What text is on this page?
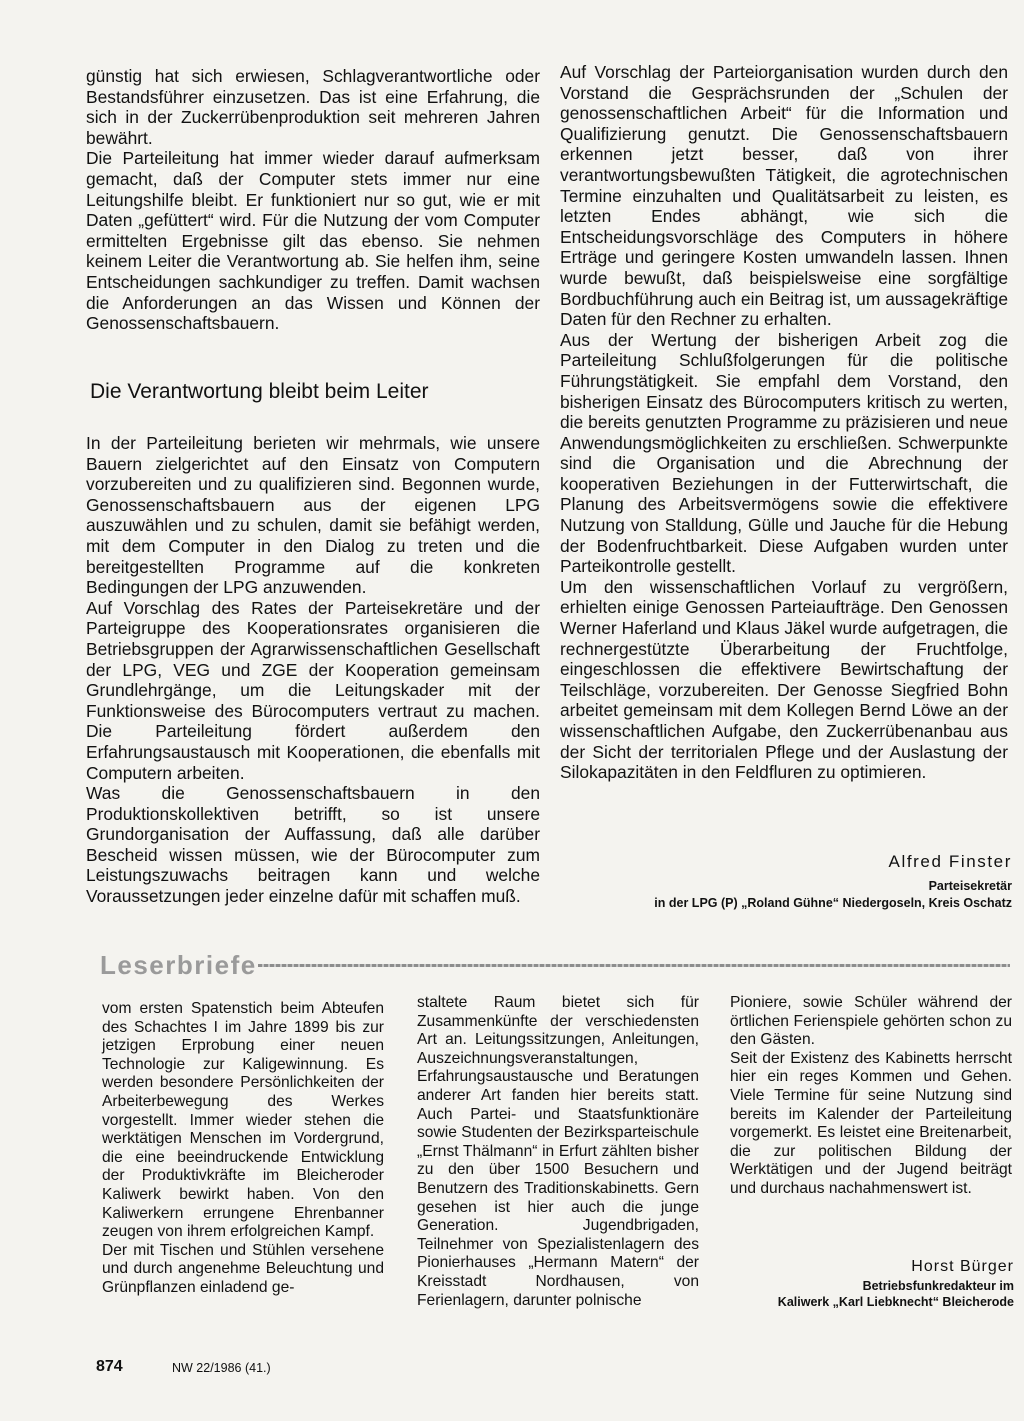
günstig hat sich erwiesen, Schlagverantwortliche oder Bestandsführer einzusetzen. Das ist eine Erfahrung, die sich in der Zuckerrübenproduktion seit mehreren Jahren bewährt.

Die Parteileitung hat immer wieder darauf aufmerksam gemacht, daß der Computer stets immer nur eine Leitungshilfe bleibt. Er funktioniert nur so gut, wie er mit Daten „gefüttert“ wird. Für die Nutzung der vom Computer ermittelten Ergebnisse gilt das ebenso. Sie nehmen keinem Leiter die Verantwortung ab. Sie helfen ihm, seine Entscheidungen sachkundiger zu treffen. Damit wachsen die Anforderungen an das Wissen und Können der Genossenschaftsbauern.

Die Verantwortung bleibt beim Leiter

In der Parteileitung berieten wir mehrmals, wie unsere Bauern zielgerichtet auf den Einsatz von Computern vorzubereiten und zu qualifizieren sind. Begonnen wurde, Genossenschaftsbauern aus der eigenen LPG auszuwählen und zu schulen, damit sie befähigt werden, mit dem Computer in den Dialog zu treten und die bereitgestellten Programme auf die konkreten Bedingungen der LPG anzuwenden.

Auf Vorschlag des Rates der Parteisekretäre und der Parteigruppe des Kooperationsrates organisieren die Betriebsgruppen der Agrarwissenschaftlichen Gesellschaft der LPG, VEG und ZGE der Kooperation gemeinsam Grundlehrgänge, um die Leitungskader mit der Funktionsweise des Bürocomputers vertraut zu machen. Die Parteileitung fördert außerdem den Erfahrungsaustausch mit Kooperationen, die ebenfalls mit Computern arbeiten.

Was die Genossenschaftsbauern in den Produktionskollektiven betrifft, so ist unsere Grundorganisation der Auffassung, daß alle darüber Bescheid wissen müssen, wie der Bürocomputer zum Leistungszuwachs beitragen kann und welche Voraussetzungen jeder einzelne dafür mit schaffen muß.

Auf Vorschlag der Parteiorganisation wurden durch den Vorstand die Gesprächsrunden der „Schulen der genossenschaftlichen Arbeit“ für die Information und Qualifizierung genutzt. Die Genossenschaftsbauern erkennen jetzt besser, daß von ihrer verantwortungsbewußten Tätigkeit, die agrotechnischen Termine einzuhalten und Qualitätsarbeit zu leisten, es letzten Endes abhängt, wie sich die Entscheidungsvorschläge des Computers in höhere Erträge und geringere Kosten umwandeln lassen. Ihnen wurde bewußt, daß beispielsweise eine sorgfältige Bordbuchführung auch ein Beitrag ist, um aussagekräftige Daten für den Rechner zu erhalten.

Aus der Wertung der bisherigen Arbeit zog die Parteileitung Schlußfolgerungen für die politische Führungstätigkeit. Sie empfahl dem Vorstand, den bisherigen Einsatz des Bürocomputers kritisch zu werten, die bereits genutzten Programme zu präzisieren und neue Anwendungsmöglichkeiten zu erschließen. Schwerpunkte sind die Organisation und die Abrechnung der kooperativen Beziehungen in der Futterwirtschaft, die Planung des Arbeitsvermögens sowie die effektivere Nutzung von Stalldung, Gülle und Jauche für die Hebung der Bodenfruchtbarkeit. Diese Aufgaben wurden unter Parteikontrolle gestellt.

Um den wissenschaftlichen Vorlauf zu vergrößern, erhielten einige Genossen Parteiaufträge. Den Genossen Werner Haferland und Klaus Jäkel wurde aufgetragen, die rechnergestützte Überarbeitung der Fruchtfolge, eingeschlossen die effektivere Bewirtschaftung der Teilschläge, vorzubereiten. Der Genosse Siegfried Bohn arbeitet gemeinsam mit dem Kollegen Bernd Löwe an der wissenschaftlichen Aufgabe, den Zuckerrübenanbau aus der Sicht der territorialen Pflege und der Auslastung der Silokapazitäten in den Feldfluren zu optimieren.

Alfred Finster
Parteisekretär
in der LPG (P) „Roland Gühne“ Niedergoseln, Kreis Oschatz
Leserbriefe

vom ersten Spatenstich beim Abteufen des Schachtes I im Jahre 1899 bis zur jetzigen Erprobung einer neuen Technologie zur Kaligewinnung. Es werden besondere Persönlichkeiten der Arbeiterbewegung des Werkes vorgestellt. Immer wieder stehen die werktätigen Menschen im Vordergrund, die eine beeindruckende Entwicklung der Produktivkräfte im Bleicheroder Kaliwerk bewirkt haben. Von den Kaliwerkern errungene Ehrenbanner zeugen von ihrem erfolgreichen Kampf.

Der mit Tischen und Stühlen versehene und durch angenehme Beleuchtung und Grünpflanzen einladend ge-

staltete Raum bietet sich für Zusammenkünfte der verschiedensten Art an. Leitungssitzungen, Anleitungen, Auszeichnungsveranstaltungen, Erfahrungsaustausche und Beratungen anderer Art fanden hier bereits statt. Auch Partei- und Staatsfunktionäre sowie Studenten der Bezirksparteischule „Ernst Thälmann“ in Erfurt zählten bisher zu den über 1500 Besuchern und Benutzern des Traditionskabinetts. Gern gesehen ist hier auch die junge Generation. Jugendbrigaden, Teilnehmer von Spezialistenlagern des Pionierhauses „Hermann Matern“ der Kreisstadt Nordhausen, von Ferienlagern, darunter polnische

Pioniere, sowie Schüler während der örtlichen Ferienspiele gehörten schon zu den Gästen.

Seit der Existenz des Kabinetts herrscht hier ein reges Kommen und Gehen. Viele Termine für seine Nutzung sind bereits im Kalender der Parteileitung vorgemerkt. Es leistet eine Breitenarbeit, die zur politischen Bildung der Werktätigen und der Jugend beiträgt und durchaus nachahmenswert ist.

Horst Bürger
Betriebsfunkredakteur im
Kaliwerk „Karl Liebknecht“ Bleicherode
874	NW 22/1986 (41.)
